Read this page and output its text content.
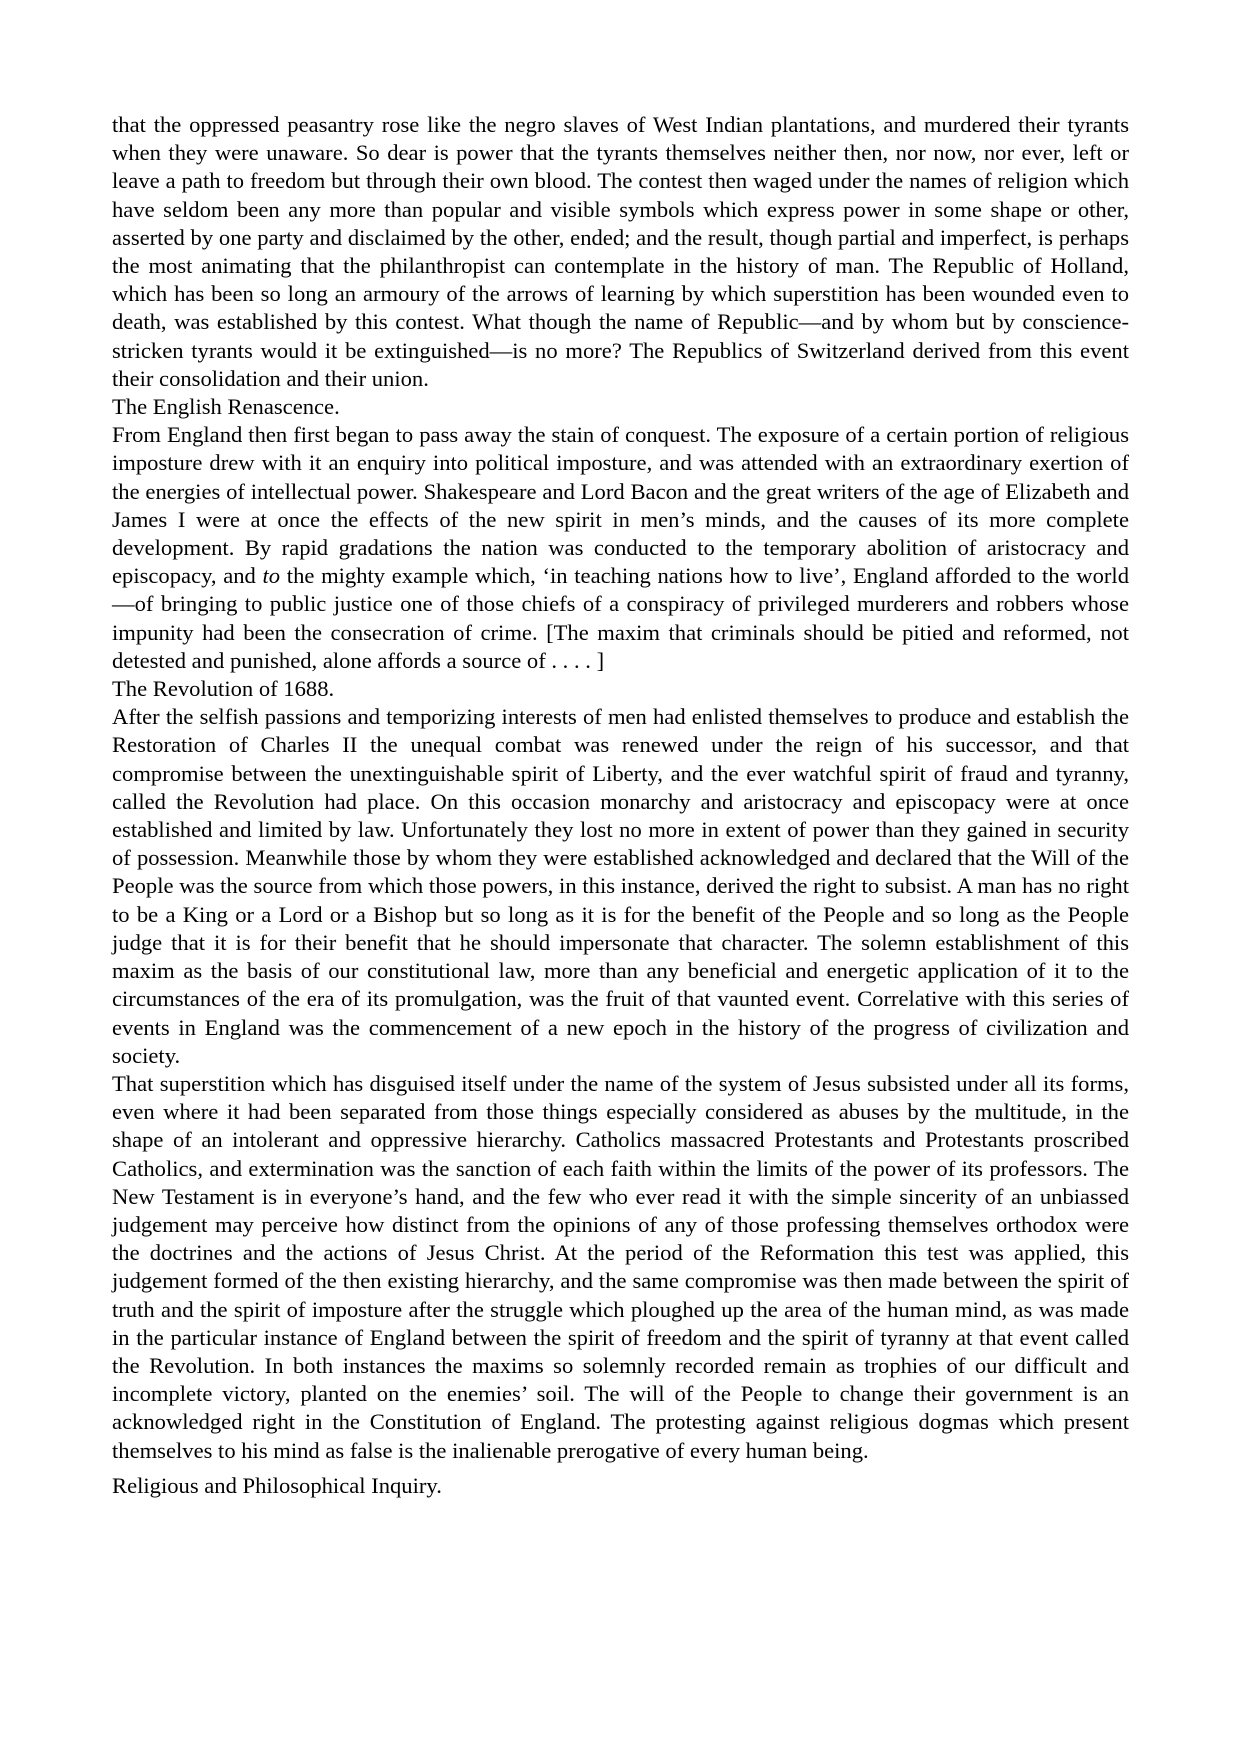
that the oppressed peasantry rose like the negro slaves of West Indian plantations, and murdered their tyrants when they were unaware. So dear is power that the tyrants themselves neither then, nor now, nor ever, left or leave a path to freedom but through their own blood. The contest then waged under the names of religion which have seldom been any more than popular and visible symbols which express power in some shape or other, asserted by one party and disclaimed by the other, ended; and the result, though partial and imperfect, is perhaps the most animating that the philanthropist can contemplate in the history of man. The Republic of Holland, which has been so long an armoury of the arrows of learning by which superstition has been wounded even to death, was established by this contest. What though the name of Republic—and by whom but by conscience-stricken tyrants would it be extinguished—is no more? The Republics of Switzerland derived from this event their consolidation and their union.

The English Renascence.

From England then first began to pass away the stain of conquest. The exposure of a certain portion of religious imposture drew with it an enquiry into political imposture, and was attended with an extraordinary exertion of the energies of intellectual power. Shakespeare and Lord Bacon and the great writers of the age of Elizabeth and James I were at once the effects of the new spirit in men’s minds, and the causes of its more complete development. By rapid gradations the nation was conducted to the temporary abolition of aristocracy and episcopacy, and to the mighty example which, ‘in teaching nations how to live’, England afforded to the world—of bringing to public justice one of those chiefs of a conspiracy of privileged murderers and robbers whose impunity had been the consecration of crime. [The maxim that criminals should be pitied and reformed, not detested and punished, alone affords a source of . . . . ]

The Revolution of 1688.

After the selfish passions and temporizing interests of men had enlisted themselves to produce and establish the Restoration of Charles II the unequal combat was renewed under the reign of his successor, and that compromise between the unextinguishable spirit of Liberty, and the ever watchful spirit of fraud and tyranny, called the Revolution had place. On this occasion monarchy and aristocracy and episcopacy were at once established and limited by law. Unfortunately they lost no more in extent of power than they gained in security of possession. Meanwhile those by whom they were established acknowledged and declared that the Will of the People was the source from which those powers, in this instance, derived the right to subsist. A man has no right to be a King or a Lord or a Bishop but so long as it is for the benefit of the People and so long as the People judge that it is for their benefit that he should impersonate that character. The solemn establishment of this maxim as the basis of our constitutional law, more than any beneficial and energetic application of it to the circumstances of the era of its promulgation, was the fruit of that vaunted event. Correlative with this series of events in England was the commencement of a new epoch in the history of the progress of civilization and society.

That superstition which has disguised itself under the name of the system of Jesus subsisted under all its forms, even where it had been separated from those things especially considered as abuses by the multitude, in the shape of an intolerant and oppressive hierarchy. Catholics massacred Protestants and Protestants proscribed Catholics, and extermination was the sanction of each faith within the limits of the power of its professors. The New Testament is in everyone’s hand, and the few who ever read it with the simple sincerity of an unbiassed judgement may perceive how distinct from the opinions of any of those professing themselves orthodox were the doctrines and the actions of Jesus Christ. At the period of the Reformation this test was applied, this judgement formed of the then existing hierarchy, and the same compromise was then made between the spirit of truth and the spirit of imposture after the struggle which ploughed up the area of the human mind, as was made in the particular instance of England between the spirit of freedom and the spirit of tyranny at that event called the Revolution. In both instances the maxims so solemnly recorded remain as trophies of our difficult and incomplete victory, planted on the enemies’ soil. The will of the People to change their government is an acknowledged right in the Constitution of England. The protesting against religious dogmas which present themselves to his mind as false is the inalienable prerogative of every human being.

Religious and Philosophical Inquiry.
